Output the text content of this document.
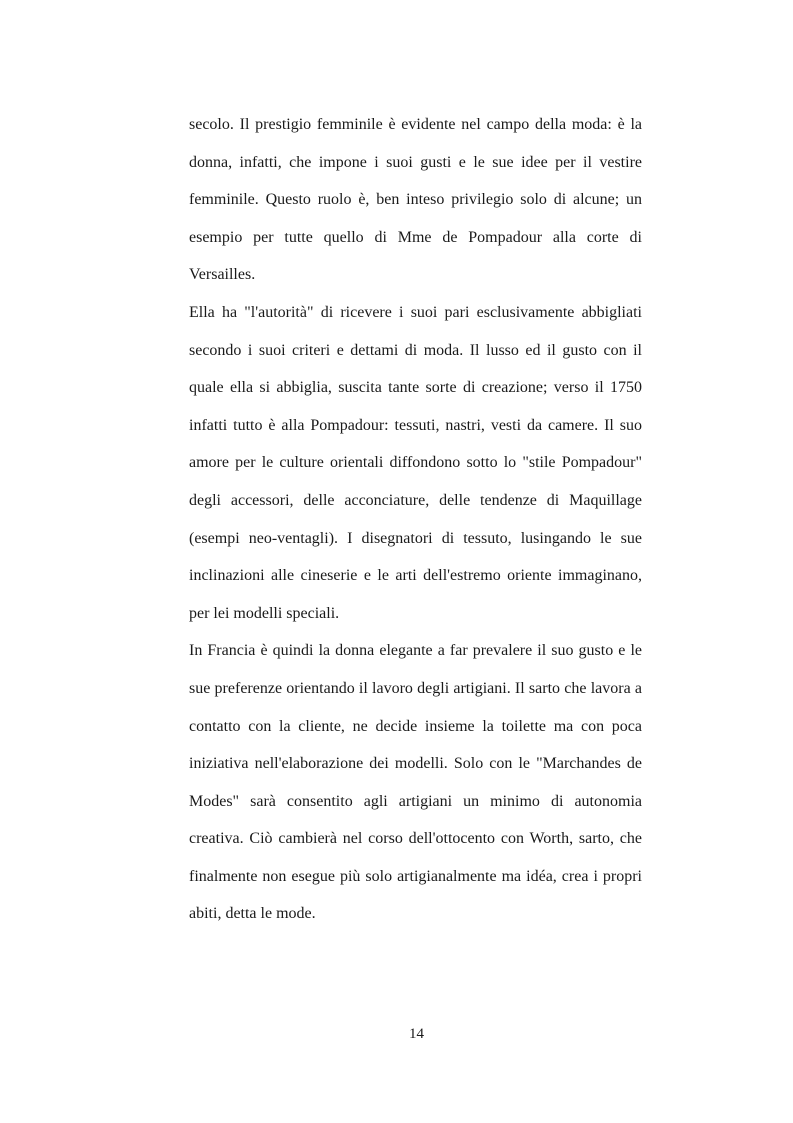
secolo. Il prestigio femminile è evidente nel campo della moda: è la
donna, infatti, che impone i suoi gusti e le sue idee per il vestire
femminile. Questo ruolo è, ben inteso privilegio solo di alcune; un
esempio per tutte quello di Mme de Pompadour alla corte di
Versailles.
Ella ha "l'autorità" di ricevere i suoi pari esclusivamente abbigliati
secondo i suoi criteri e dettami di moda. Il lusso ed il gusto con il
quale ella si abbiglia, suscita tante sorte di creazione; verso il 1750
infatti tutto è alla Pompadour: tessuti, nastri, vesti da camere. Il suo
amore per le culture orientali diffondono sotto lo "stile Pompadour"
degli accessori, delle acconciature, delle tendenze di Maquillage
(esempi neo-ventagli). I disegnatori di tessuto, lusingando le sue
inclinazioni alle cineserie e le arti dell'estremo oriente immaginano,
per lei modelli speciali.
In Francia è quindi la donna elegante a far prevalere il suo gusto e le
sue preferenze orientando il lavoro degli artigiani. Il sarto che lavora a
contatto con la cliente, ne decide insieme la toilette ma con poca
iniziativa nell'elaborazione dei modelli. Solo con le "Marchandes de
Modes" sarà consentito agli artigiani un minimo di autonomia
creativa. Ciò cambierà nel corso dell'ottocento con Worth, sarto, che
finalmente non esegue più solo artigianalmente ma idéa, crea i propri
abiti, detta le mode.
14
